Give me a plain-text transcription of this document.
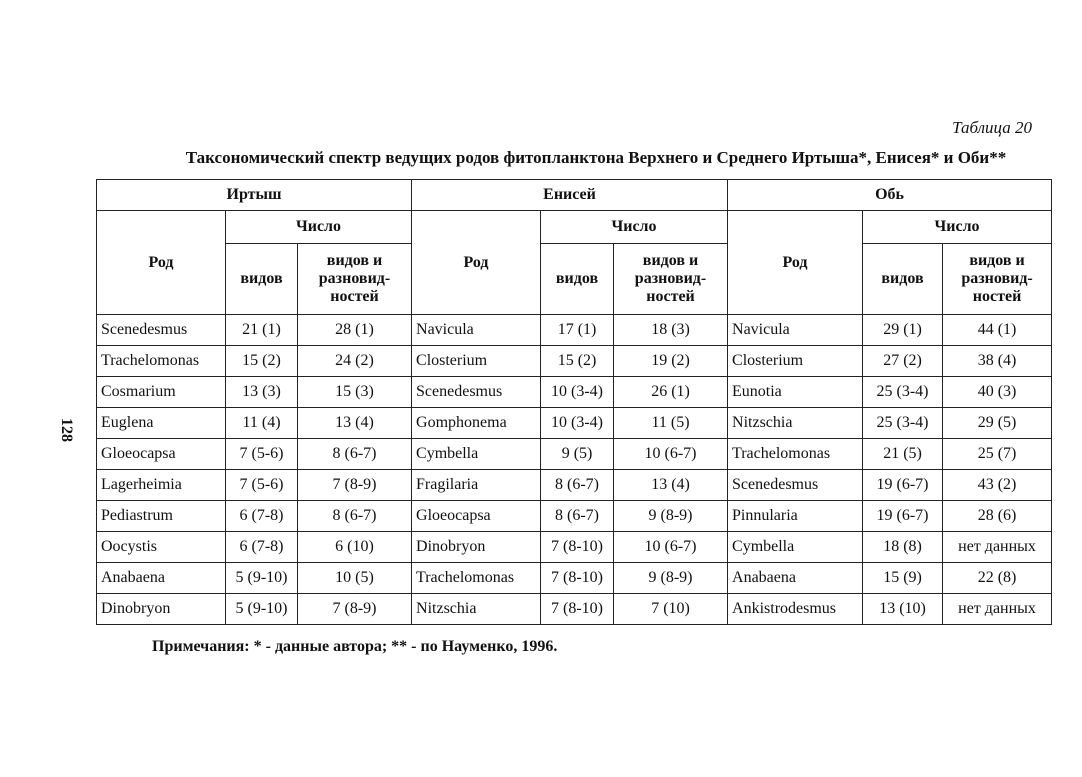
128
Таблица 20
Таксономический спектр ведущих родов фитопланктона Верхнего и Среднего Иртыша*, Енисея* и Оби**
Иртыш			Енисей			Обь		
Род	Число		Род	Число		Род	Число	
	видов	видов и разновид-ностей		видов	видов и разновид-ностей		видов	видов и разновид-ностей
Scenedesmus	21 (1)	28 (1)	Navicula	17 (1)	18 (3)	Navicula	29 (1)	44 (1)
Trachelomonas	15 (2)	24 (2)	Closterium	15 (2)	19 (2)	Closterium	27 (2)	38 (4)
Cosmarium	13 (3)	15 (3)	Scenedesmus	10 (3-4)	26 (1)	Eunotia	25 (3-4)	40 (3)
Euglena	11 (4)	13 (4)	Gomphonema	10 (3-4)	11 (5)	Nitzschia	25 (3-4)	29 (5)
Gloeocapsa	7 (5-6)	8 (6-7)	Cymbella	9 (5)	10 (6-7)	Trachelomonas	21 (5)	25 (7)
Lagerheimia	7 (5-6)	7 (8-9)	Fragilaria	8 (6-7)	13 (4)	Scenedesmus	19 (6-7)	43 (2)
Pediastrum	6 (7-8)	8 (6-7)	Gloeocapsa	8 (6-7)	9 (8-9)	Pinnularia	19 (6-7)	28 (6)
Oocystis	6 (7-8)	6 (10)	Dinobryon	7 (8-10)	10 (6-7)	Cymbella	18 (8)	нет данных
Anabaena	5 (9-10)	10 (5)	Trachelomonas	7 (8-10)	9 (8-9)	Anabaena	15 (9)	22 (8)
Dinobryon	5 (9-10)	7 (8-9)	Nitzschia	7 (8-10)	7 (10)	Ankistrodesmus	13 (10)	нет данных
Примечания: * - данные автора; ** - по Науменко, 1996.
